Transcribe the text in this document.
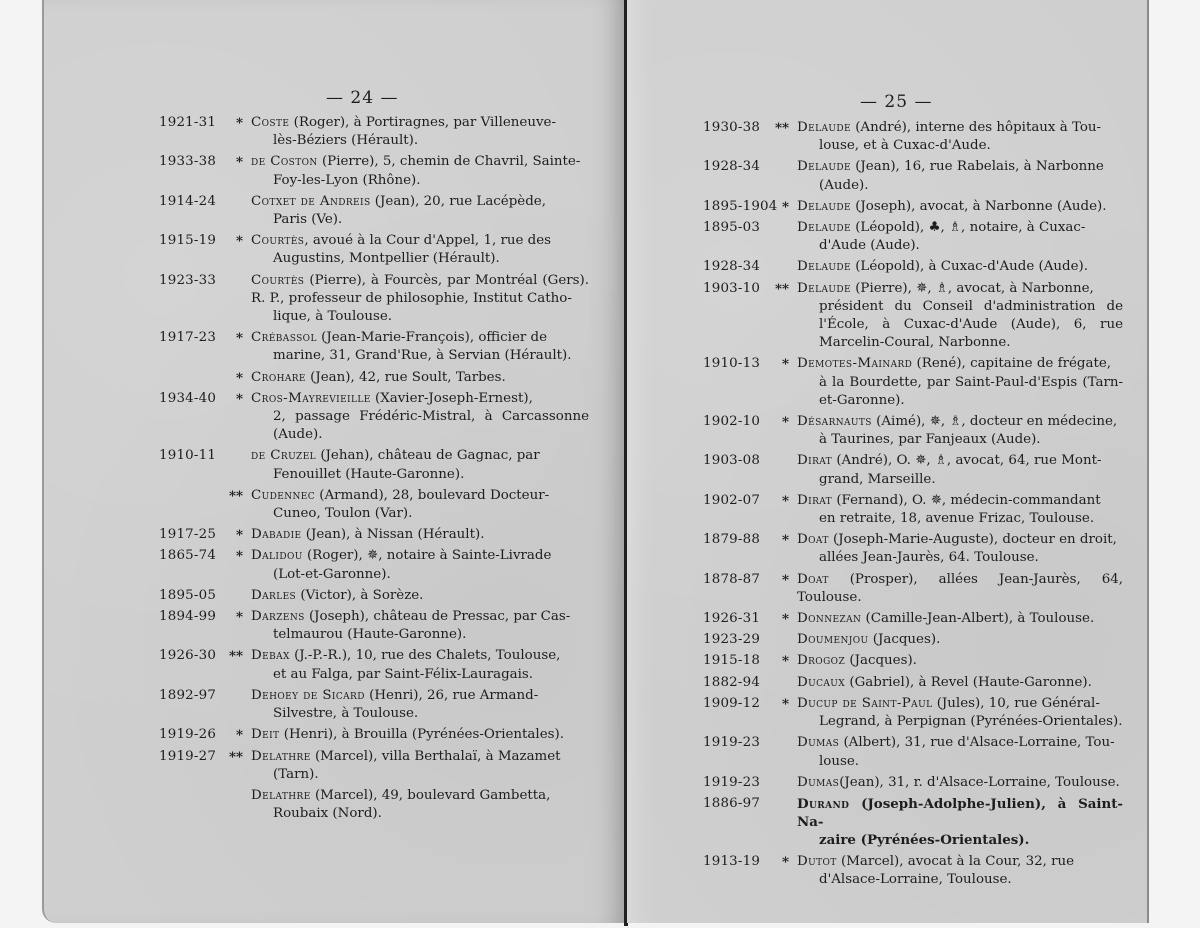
— 24 —
1921-31	* Coste (Roger), à Portiragnes, par Villeneuve-
lès-Béziers (Hérault).
1933-38	* de Coston (Pierre), 5, chemin de Chavril, Sainte-
Foy-les-Lyon (Rhône).
1914-24	Cotxet de Andreis (Jean), 20, rue Lacépède,
Paris (Ve).
1915-19	* Courtès, avoué à la Cour d'Appel, 1, rue des
Augustins, Montpellier (Hérault).
1923-33	Courtès (Pierre), à Fourcès, par Montréal (Gers). R. P., professeur de philosophie, Institut Catho-
lique, à Toulouse.
1917-23	* Crébassol (Jean-Marie-François), officier de
marine, 31, Grand'Rue, à Servian (Hérault).
* Crohare (Jean), 42, rue Soult, Tarbes.
1934-40	* Cros-Mayrevieille (Xavier-Joseph-Ernest),
2, passage Frédéric-Mistral, à Carcassonne (Aude).
1910-11	de Cruzel (Jehan), château de Gagnac, par
Fenouillet (Haute-Garonne).
** Cudennec (Armand), 28, boulevard Docteur-
Cuneo, Toulon (Var).
1917-25	* Dabadie (Jean), à Nissan (Hérault).
1865-74	* Dalidou (Roger), ✵, notaire à Sainte-Livrade
(Lot-et-Garonne).
1895-05	Darles (Victor), à Sorèze.
1894-99	* Darzens (Joseph), château de Pressac, par Cas-
telmaurou (Haute-Garonne).
1926-30 ** Debax (J.-P.-R.), 10, rue des Chalets, Toulouse,
et au Falga, par Saint-Félix-Lauragais.
1892-97	Dehoey de Sicard (Henri), 26, rue Armand-
Silvestre, à Toulouse.
1919-26	* Deit (Henri), à Brouilla (Pyrénées-Orientales).
1919-27 ** Delathre (Marcel), villa Berthalaï, à Mazamet
(Tarn).
Delathre (Marcel), 49, boulevard Gambetta,
Roubaix (Nord).
— 25 —
1930-38	** Delaude (André), interne des hôpitaux à Tou-
louse, et à Cuxac-d'Aude.
1928-34	Delaude (Jean), 16, rue Rabelais, à Narbonne
(Aude).
1895-1904 * Delaude (Joseph), avocat, à Narbonne (Aude).
1895-03	Delaude (Léopold), ♣, ♗, notaire, à Cuxac-
d'Aude (Aude).
1928-34	Delaude (Léopold), à Cuxac-d'Aude (Aude).
1903-10	** Delaude (Pierre), ✵, ♗, avocat, à Narbonne,
président du Conseil d'administration de l'École, à Cuxac-d'Aude (Aude), 6, rue Marcelin-Coural, Narbonne.
1910-13	* Demotes-Mainard (René), capitaine de frégate,
à la Bourdette, par Saint-Paul-d'Espis (Tarn-et-Garonne).
1902-10	* Désarnauts (Aimé), ✵, ♗, docteur en médecine,
à Taurines, par Fanjeaux (Aude).
1903-08	Dirat (André), O. ✵, ♗, avocat, 64, rue Mont-
grand, Marseille.
1902-07	* Dirat (Fernand), O. ✵, médecin-commandant
en retraite, 18, avenue Frizac, Toulouse.
1879-88	* Doat (Joseph-Marie-Auguste), docteur en droit,
allées Jean-Jaurès, 64. Toulouse.
1878-87	* Doat (Prosper), allées Jean-Jaurès, 64, Toulouse.
1926-31	* Donnezan (Camille-Jean-Albert), à Toulouse.
1923-29	Doumenjou (Jacques).
1915-18	* Drogoz (Jacques).
1882-94	Ducaux (Gabriel), à Revel (Haute-Garonne).
1909-12	* Ducup de Saint-Paul (Jules), 10, rue Général-
Legrand, à Perpignan (Pyrénées-Orientales).
1919-23	Dumas (Albert), 31, rue d'Alsace-Lorraine, Tou-
louse.
1919-23	Dumas(Jean), 31, r. d'Alsace-Lorraine, Toulouse.
1886-97	Durand (Joseph-Adolphe-Julien), à Saint-Na-
zaire (Pyrénées-Orientales).
1913-19	* Dutot (Marcel), avocat à la Cour, 32, rue
d'Alsace-Lorraine, Toulouse.
